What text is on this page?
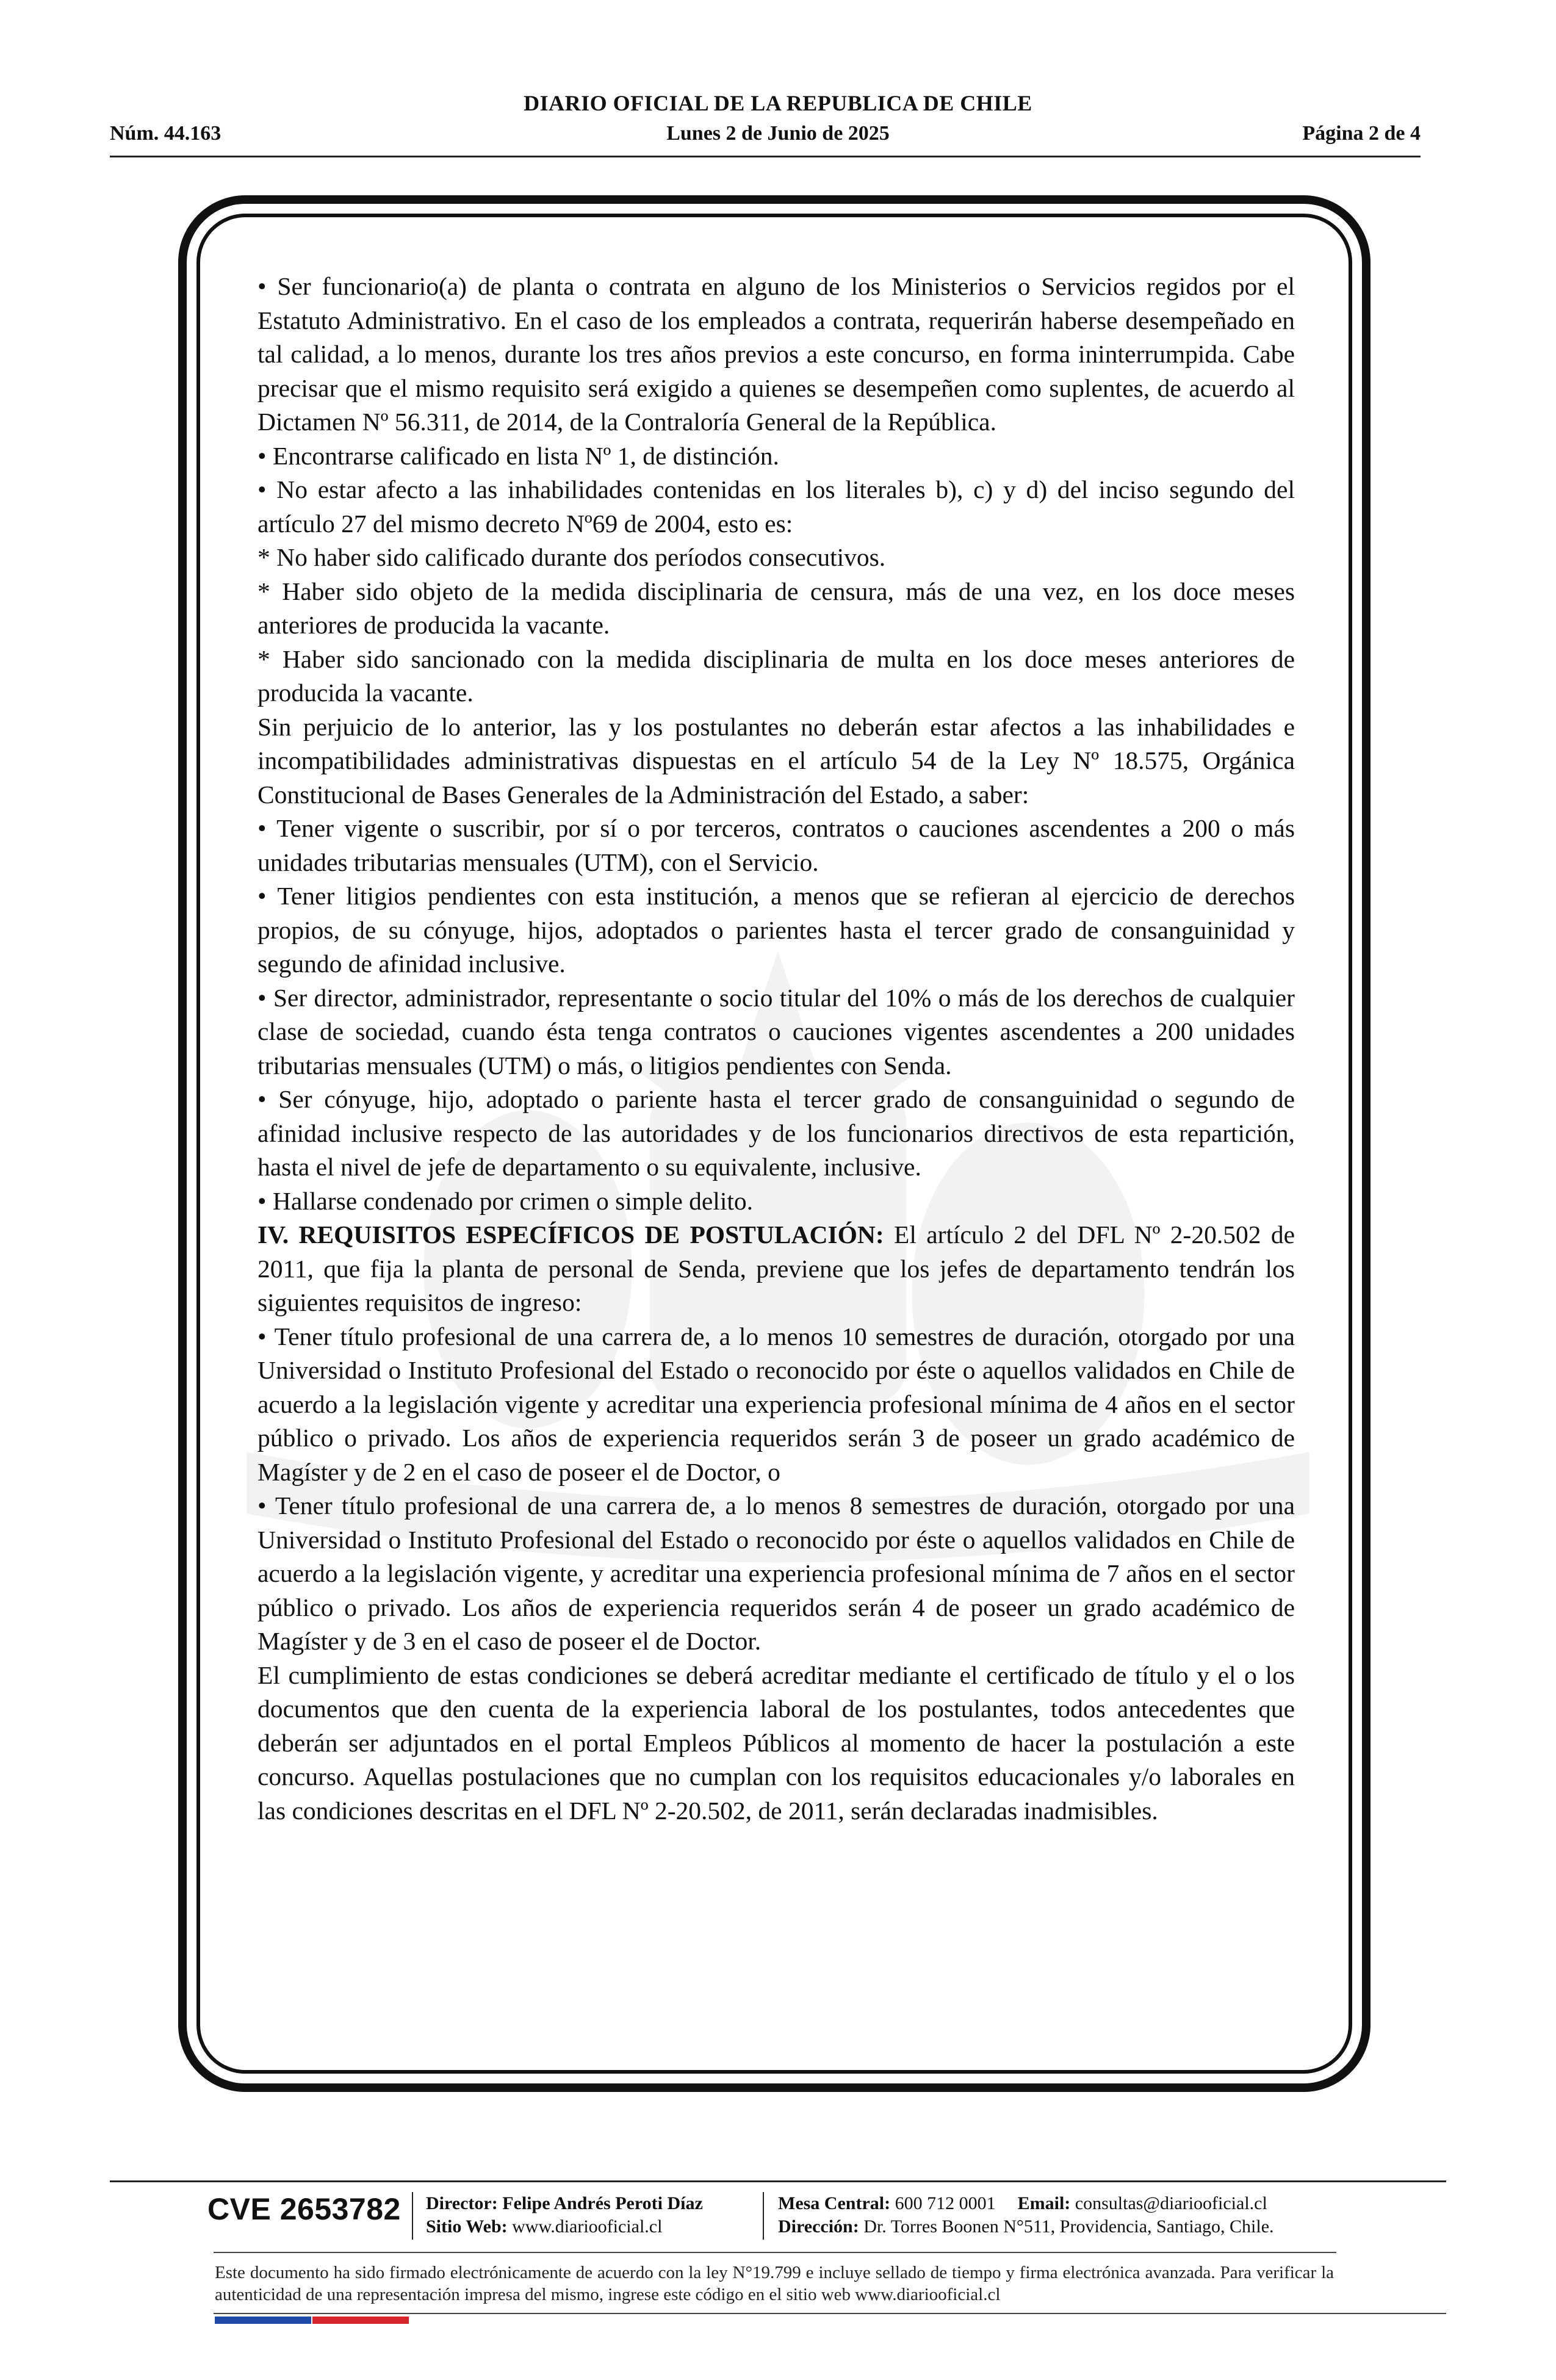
DIARIO OFICIAL DE LA REPUBLICA DE CHILE
Núm. 44.163	Lunes 2 de Junio de 2025	Página 2 de 4

• Ser funcionario(a) de planta o contrata en alguno de los Ministerios o Servicios regidos por el Estatuto Administrativo. En el caso de los empleados a contrata, requerirán haberse desempeñado en tal calidad, a lo menos, durante los tres años previos a este concurso, en forma ininterrumpida. Cabe precisar que el mismo requisito será exigido a quienes se desempeñen como suplentes, de acuerdo al Dictamen Nº 56.311, de 2014, de la Contraloría General de la República.

• Encontrarse calificado en lista Nº 1, de distinción.

• No estar afecto a las inhabilidades contenidas en los literales b), c) y d) del inciso segundo del artículo 27 del mismo decreto Nº69 de 2004, esto es:

* No haber sido calificado durante dos períodos consecutivos.

* Haber sido objeto de la medida disciplinaria de censura, más de una vez, en los doce meses anteriores de producida la vacante.

* Haber sido sancionado con la medida disciplinaria de multa en los doce meses anteriores de producida la vacante.

Sin perjuicio de lo anterior, las y los postulantes no deberán estar afectos a las inhabilidades e incompatibilidades administrativas dispuestas en el artículo 54 de la Ley Nº 18.575, Orgánica Constitucional de Bases Generales de la Administración del Estado, a saber:

• Tener vigente o suscribir, por sí o por terceros, contratos o cauciones ascendentes a 200 o más unidades tributarias mensuales (UTM), con el Servicio.

• Tener litigios pendientes con esta institución, a menos que se refieran al ejercicio de derechos propios, de su cónyuge, hijos, adoptados o parientes hasta el tercer grado de consanguinidad y segundo de afinidad inclusive.

• Ser director, administrador, representante o socio titular del 10% o más de los derechos de cualquier clase de sociedad, cuando ésta tenga contratos o cauciones vigentes ascendentes a 200 unidades tributarias mensuales (UTM) o más, o litigios pendientes con Senda.

• Ser cónyuge, hijo, adoptado o pariente hasta el tercer grado de consanguinidad o segundo de afinidad inclusive respecto de las autoridades y de los funcionarios directivos de esta repartición, hasta el nivel de jefe de departamento o su equivalente, inclusive.

• Hallarse condenado por crimen o simple delito.

IV. REQUISITOS ESPECÍFICOS DE POSTULACIÓN: El artículo 2 del DFL Nº 2-20.502 de 2011, que fija la planta de personal de Senda, previene que los jefes de departamento tendrán los siguientes requisitos de ingreso:

• Tener título profesional de una carrera de, a lo menos 10 semestres de duración, otorgado por una Universidad o Instituto Profesional del Estado o reconocido por éste o aquellos validados en Chile de acuerdo a la legislación vigente y acreditar una experiencia profesional mínima de 4 años en el sector público o privado. Los años de experiencia requeridos serán 3 de poseer un grado académico de Magíster y de 2 en el caso de poseer el de Doctor, o

• Tener título profesional de una carrera de, a lo menos 8 semestres de duración, otorgado por una Universidad o Instituto Profesional del Estado o reconocido por éste o aquellos validados en Chile de acuerdo a la legislación vigente, y acreditar una experiencia profesional mínima de 7 años en el sector público o privado. Los años de experiencia requeridos serán 4 de poseer un grado académico de Magíster y de 3 en el caso de poseer el de Doctor.

El cumplimiento de estas condiciones se deberá acreditar mediante el certificado de título y el o los documentos que den cuenta de la experiencia laboral de los postulantes, todos antecedentes que deberán ser adjuntados en el portal Empleos Públicos al momento de hacer la postulación a este concurso. Aquellas postulaciones que no cumplan con los requisitos educacionales y/o laborales en las condiciones descritas en el DFL Nº 2-20.502, de 2011, serán declaradas inadmisibles.

CVE 2653782 Director: Felipe Andrés Peroti Díaz
Sitio Web: www.diariooficial.cl
Mesa Central: 600 712 0001 Email: consultas@diariooficial.cl
Dirección: Dr. Torres Boonen N°511, Providencia, Santiago, Chile.
Este documento ha sido firmado electrónicamente de acuerdo con la ley N°19.799 e incluye sellado de tiempo y firma electrónica avanzada. Para verificar la autenticidad de una representación impresa del mismo, ingrese este código en el sitio web www.diariooficial.cl
